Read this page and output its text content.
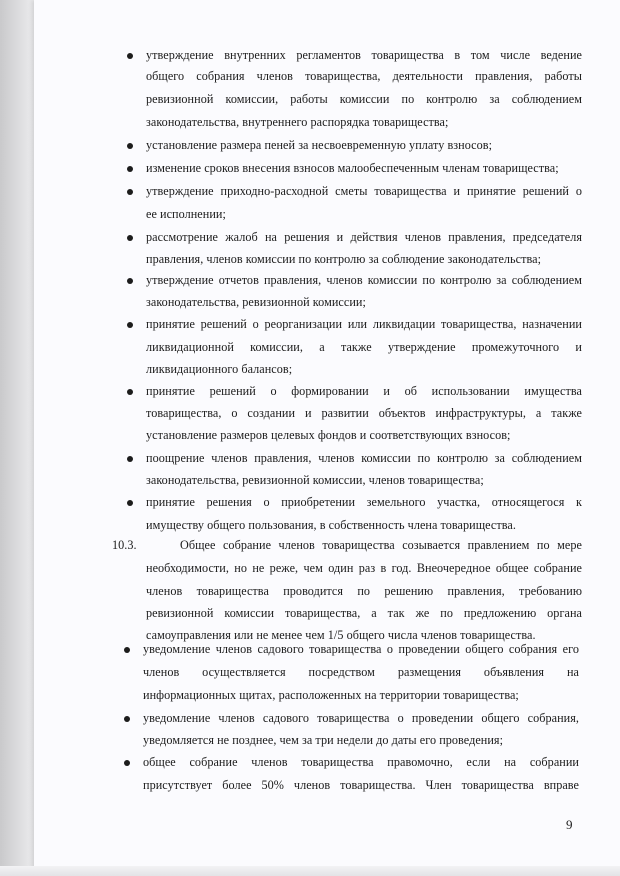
утверждение внутренних регламентов товарищества в том числе ведение
общего собрания членов товарищества, деятельности правления, работы
ревизионной комиссии, работы комиссии по контролю за соблюдением
законодательства, внутреннего распорядка товарищества;
установление размера пеней за несвоевременную уплату взносов;
изменение сроков внесения взносов малообеспеченным членам товарищества;
утверждение приходно-расходной сметы товарищества и принятие решений о
ее исполнении;
рассмотрение жалоб на решения и действия членов правления, председателя
правления, членов комиссии по контролю за соблюдение законодательства;
утверждение отчетов правления, членов комиссии по контролю за соблюдением
законодательства, ревизионной комиссии;
принятие решений о реорганизации или ликвидации товарищества, назначении
ликвидационной комиссии, а также утверждение промежуточного и
ликвидационного балансов;
принятие решений о формировании и об использовании имущества
товарищества, о создании и развитии объектов инфраструктуры, а также
установление размеров целевых фондов и соответствующих взносов;
поощрение членов правления, членов комиссии по контролю за соблюдением
законодательства, ревизионной комиссии, членов товарищества;
принятие решения о приобретении земельного участка, относящегося к
имуществу общего пользования, в собственность члена товарищества.
10.3.	Общее собрание членов товарищества созывается правлением по мере
необходимости, но не реже, чем один раз в год. Внеочередное общее собрание
членов товарищества проводится по решению правления, требованию
ревизионной комиссии товарищества, а так же по предложению органа
самоуправления или не менее чем 1/5 общего числа членов товарищества.
уведомление членов садового товарищества о проведении общего собрания его
членов осуществляется посредством размещения объявления на
информационных щитах, расположенных на территории товарищества;
уведомление членов садового товарищества о проведении общего собрания,
уведомляется не позднее, чем за три недели до даты его проведения;
общее собрание членов товарищества правомочно, если на собрании
присутствует более 50% членов товарищества. Член товарищества вправе
9
